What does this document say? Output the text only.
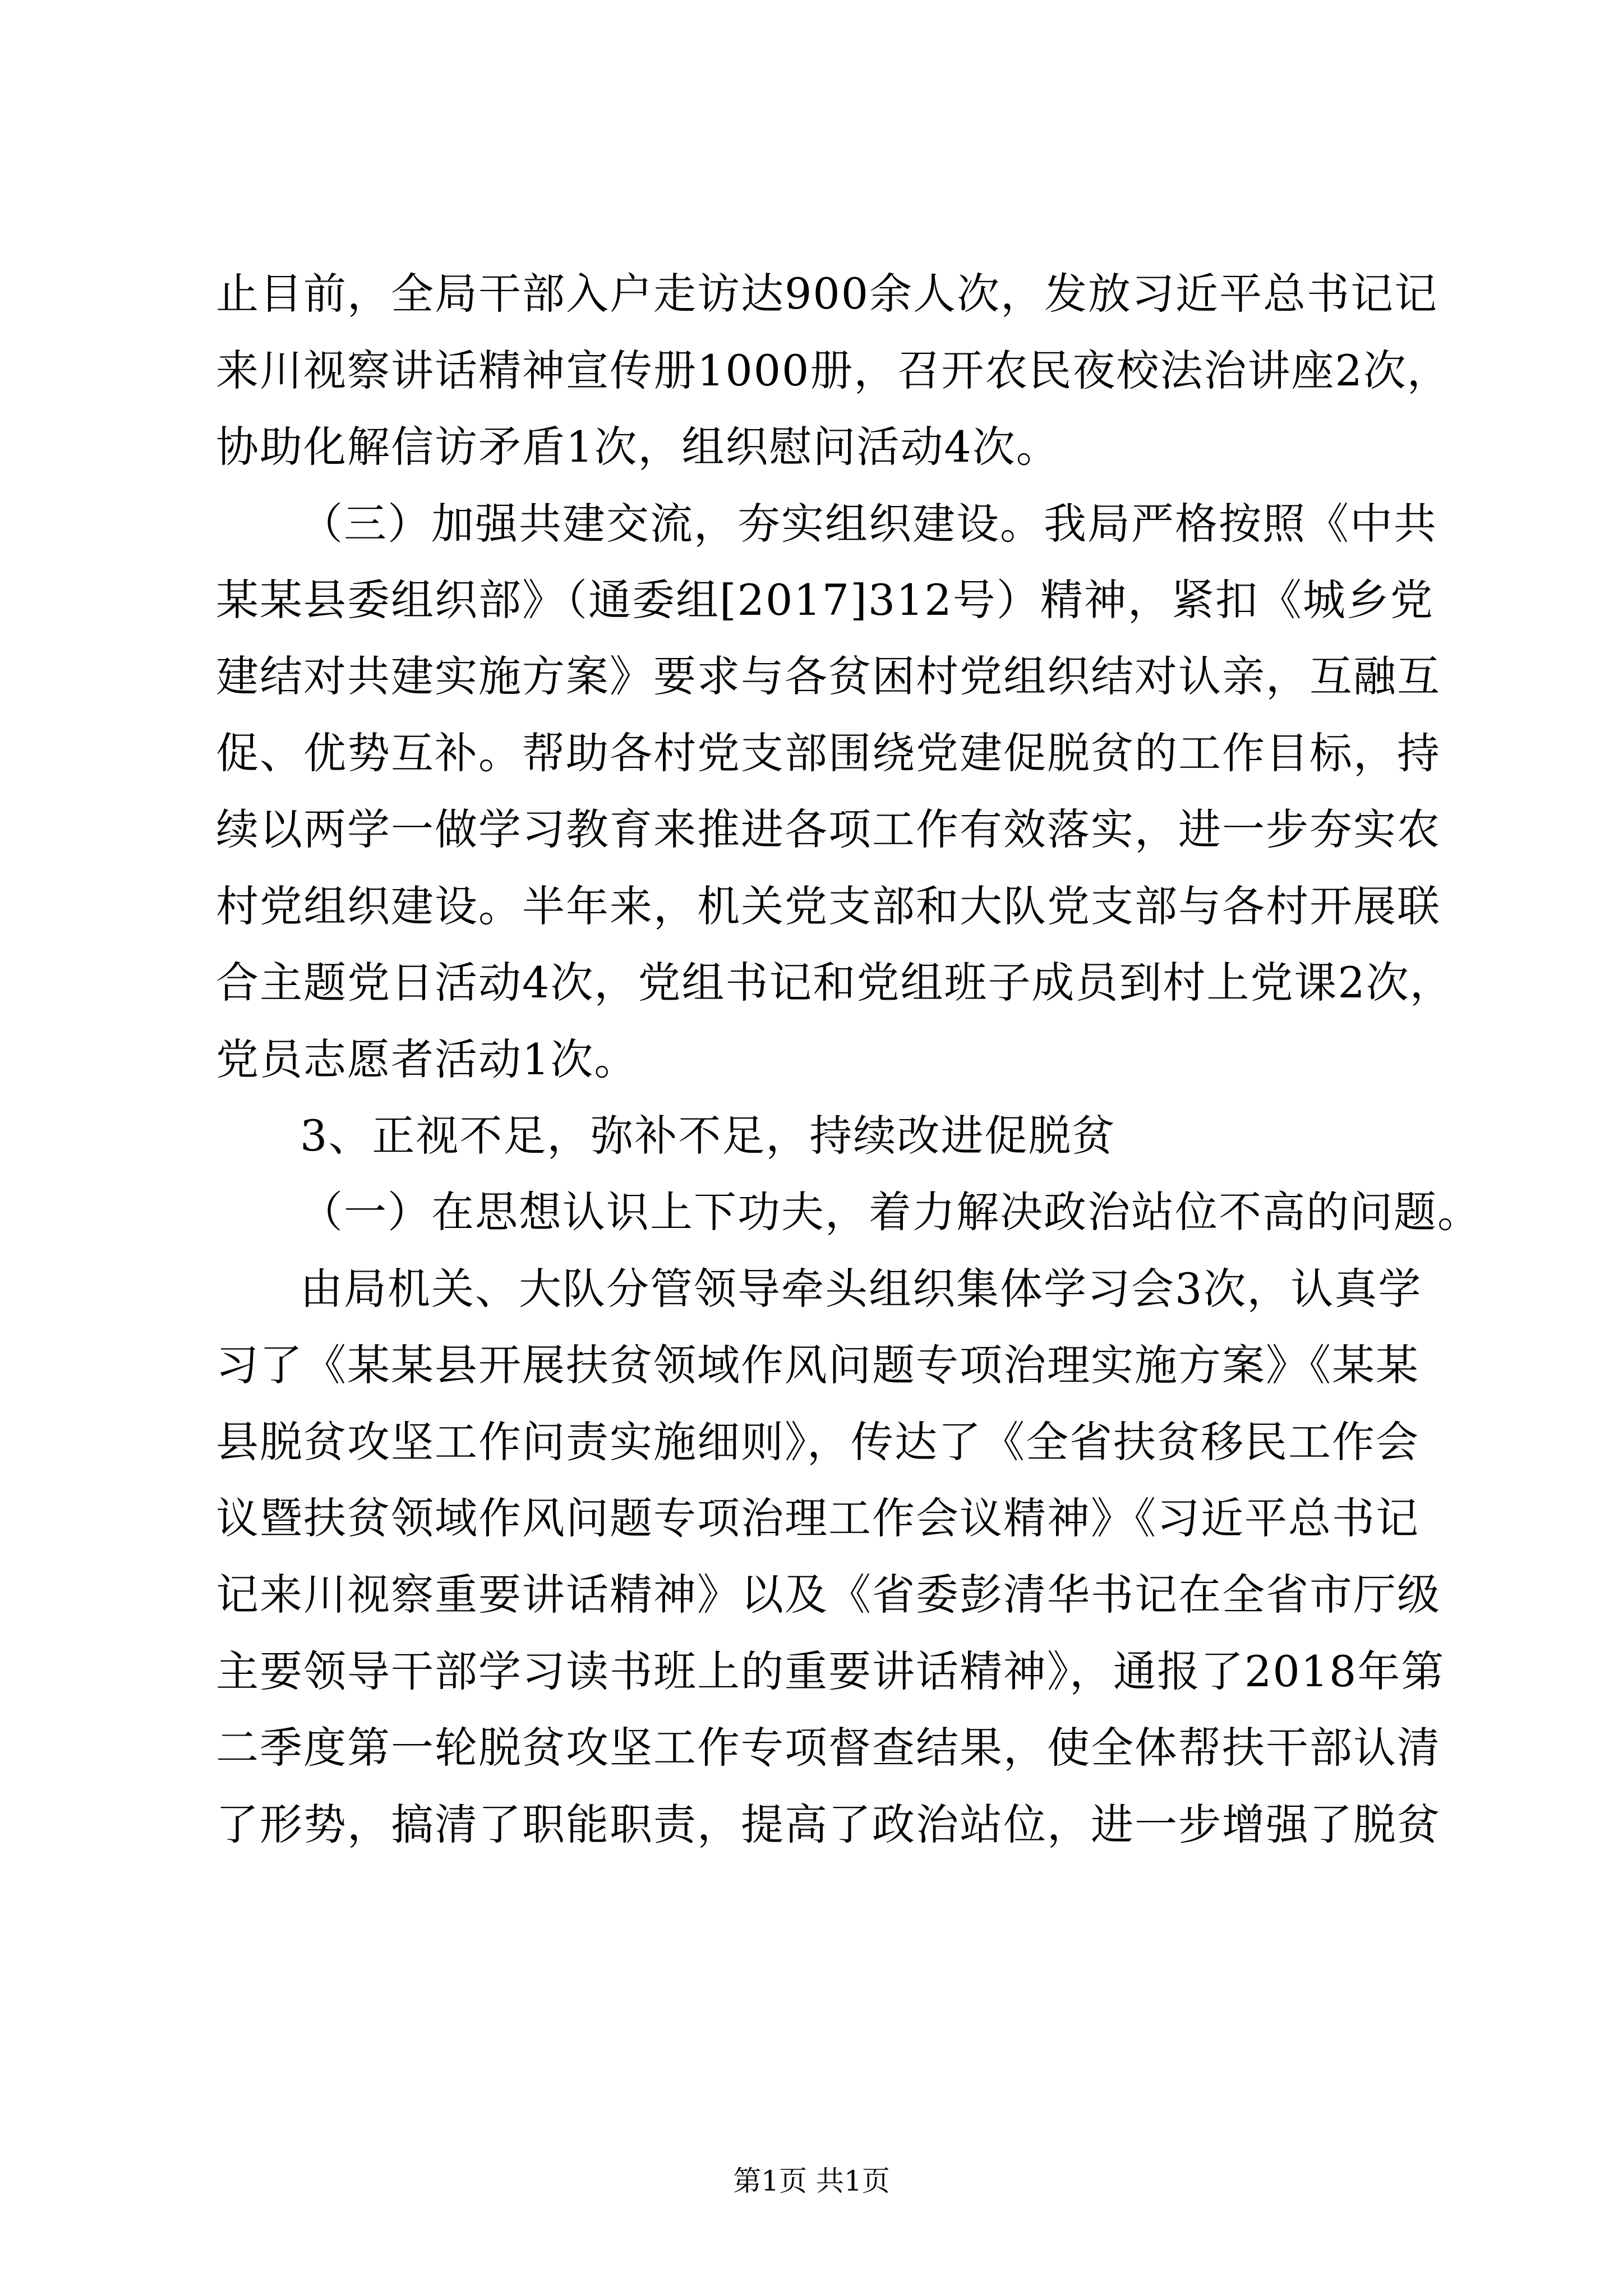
止目前，全局干部入户走访达900余人次，发放习近平总书记记
来川视察讲话精神宣传册1000册，召开农民夜校法治讲座2次，
协助化解信访矛盾1次，组织慰问活动4次。
（三）加强共建交流，夯实组织建设。我局严格按照《中共
某某县委组织部》（通委组[2017]312号）精神，紧扣《城乡党
建结对共建实施方案》要求与各贫困村党组织结对认亲，互融互
促、优势互补。帮助各村党支部围绕党建促脱贫的工作目标，持
续以两学一做学习教育来推进各项工作有效落实，进一步夯实农
村党组织建设。半年来，机关党支部和大队党支部与各村开展联
合主题党日活动4次，党组书记和党组班子成员到村上党课2次，
党员志愿者活动1次。
3、正视不足，弥补不足，持续改进促脱贫
（一）在思想认识上下功夫，着力解决政治站位不高的问题。
由局机关、大队分管领导牵头组织集体学习会3次，认真学
习了《某某县开展扶贫领域作风问题专项治理实施方案》《某某
县脱贫攻坚工作问责实施细则》，传达了《全省扶贫移民工作会
议暨扶贫领域作风问题专项治理工作会议精神》《习近平总书记
记来川视察重要讲话精神》以及《省委彭清华书记在全省市厅级
主要领导干部学习读书班上的重要讲话精神》，通报了2018年第
二季度第一轮脱贫攻坚工作专项督查结果，使全体帮扶干部认清
了形势，搞清了职能职责，提高了政治站位，进一步增强了脱贫
第1页 共1页
